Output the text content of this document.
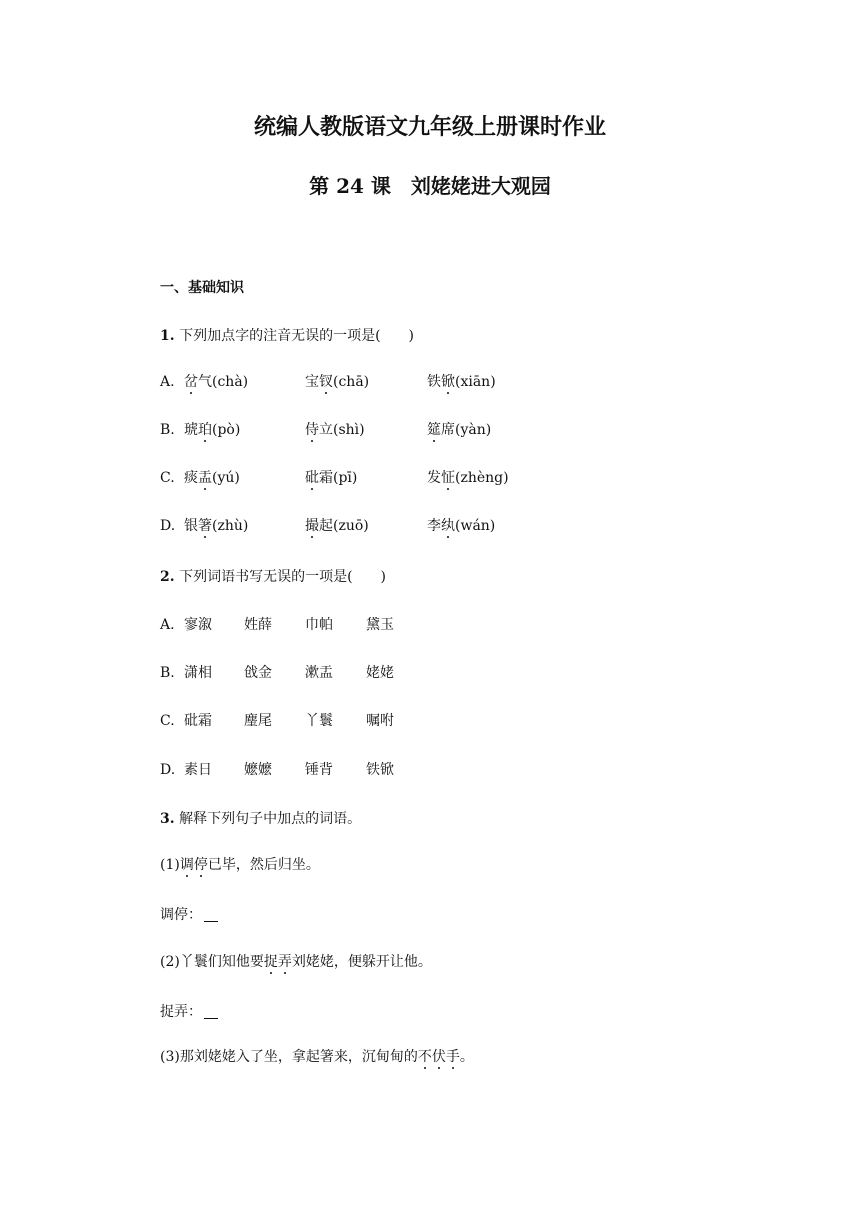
统编人教版语文九年级上册课时作业
第 24 课　刘姥姥进大观园
一、基础知识
1. 下列加点字的注音无误的一项是(　　)
A. 岔气(chà)	宝钗(chā)	铁锨(xiān)
B. 琥珀(pò)	侍立(shì)	筵席(yàn)
C. 痰盂(yú)	砒霜(pī)	发怔(zhèng)
D. 银箸(zhù)	撮起(zuō)	李纨(wán)
2. 下列词语书写无误的一项是(　　)
A. 寥溆 姓薛 巾帕 黛玉
B. 潇相 戗金 漱盂 姥姥
C. 砒霜 麈尾 丫鬟 嘱咐
D. 素日 嬷嬷 锤背 铁锨
3. 解释下列句子中加点的词语。
(1)调停已毕，然后归坐。
调停：
(2)丫鬟们知他要捉弄刘姥姥，便躲开让他。
捉弄：
(3)那刘姥姥入了坐，拿起箸来，沉甸甸的不伏手。
